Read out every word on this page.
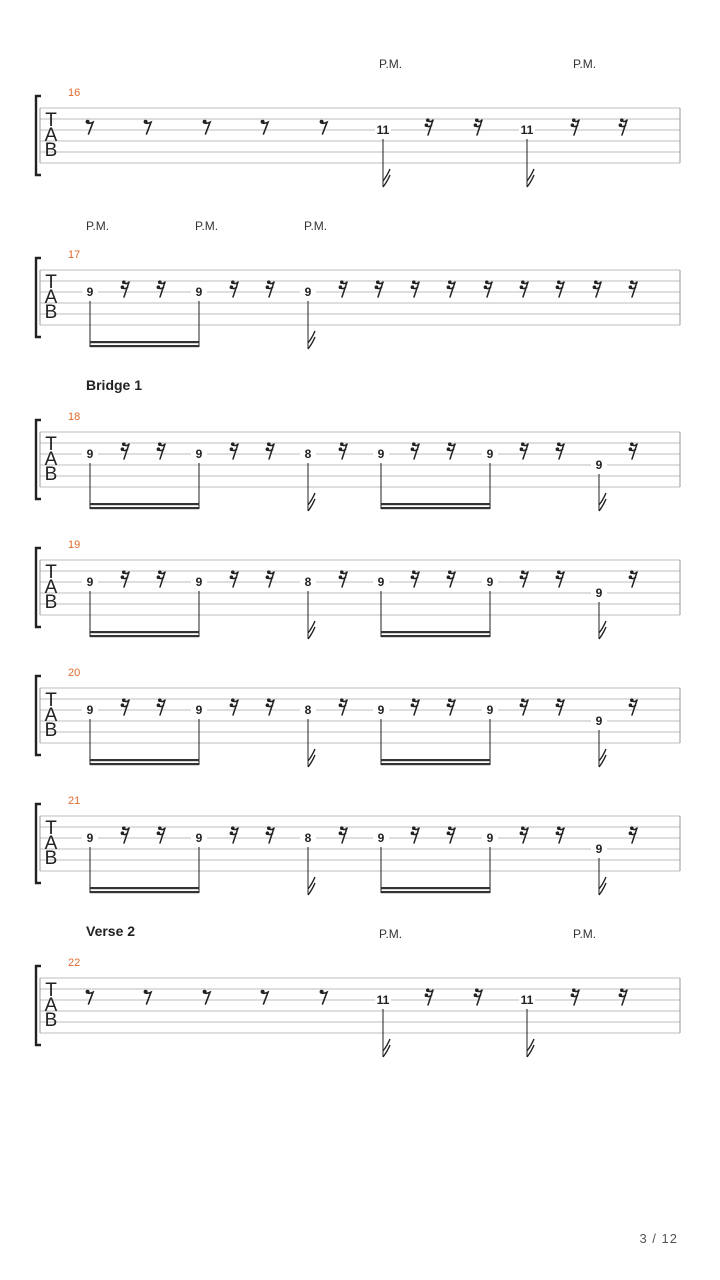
T
A
B
16
P.M.	P.M.
11	11
T
A
B
17
P.M.	P.M.	P.M.
9	9	9
Bridge 1
T
A
B
18
9	9	8	9	9
9
T
A
B
19
9	9	8	9	9
9
T
A
B
20
9	9	8	9	9
9
T
A
B
21
9	9	8	9	9
9
Verse 2
T
A
B
22
P.M.	P.M.
11	11
3 / 12
